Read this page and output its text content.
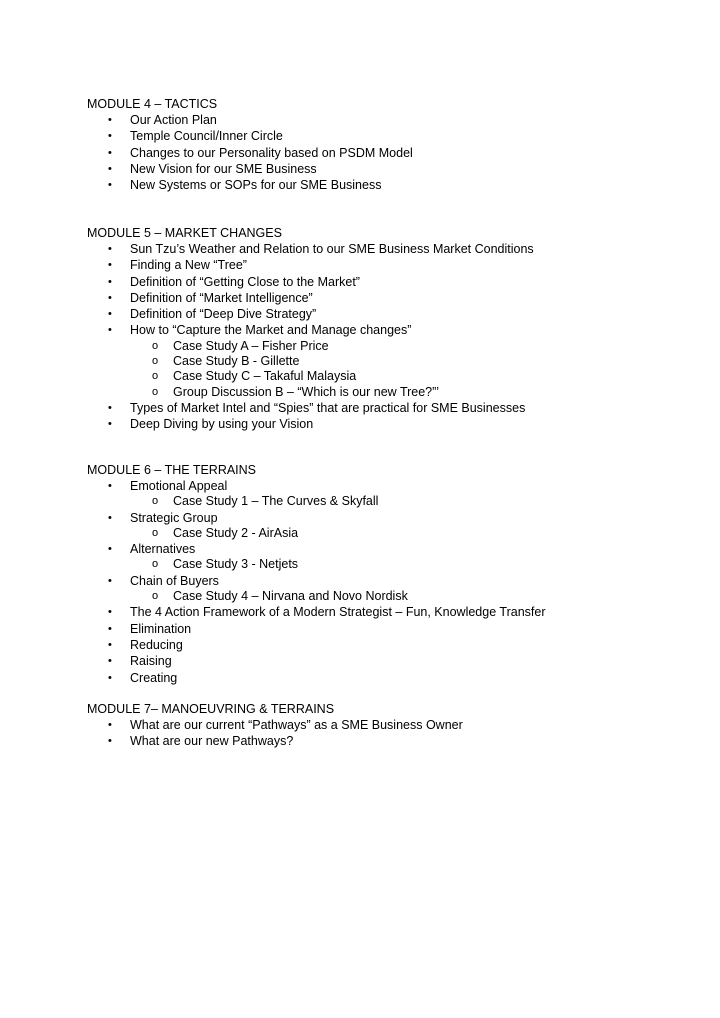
MODULE 4 – TACTICS
• Our Action Plan
• Temple Council/Inner Circle
• Changes to our Personality based on PSDM Model
• New Vision for our SME Business
• New Systems or SOPs for our SME Business
MODULE 5 – MARKET CHANGES
• Sun Tzu’s Weather and Relation to our SME Business Market Conditions
• Finding a New “Tree”
• Definition of “Getting Close to the Market”
• Definition of “Market Intelligence”
• Definition of “Deep Dive Strategy”
• How to “Capture the Market and Manage changes”
o Case Study A – Fisher Price
o Case Study B - Gillette
o Case Study C – Takaful Malaysia
o Group Discussion B – “Which is our new Tree?”’
• Types of Market Intel and “Spies” that are practical for SME Businesses
• Deep Diving by using your Vision
MODULE 6 – THE TERRAINS
• Emotional Appeal
o Case Study 1 – The Curves & Skyfall
• Strategic Group
o Case Study 2 - AirAsia
• Alternatives
o Case Study 3 - Netjets
• Chain of Buyers
o Case Study 4 – Nirvana and Novo Nordisk
• The 4 Action Framework of a Modern Strategist – Fun, Knowledge Transfer
• Elimination
• Reducing
• Raising
• Creating
MODULE 7– MANOEUVRING & TERRAINS
• What are our current “Pathways” as a SME Business Owner
• What are our new Pathways?
